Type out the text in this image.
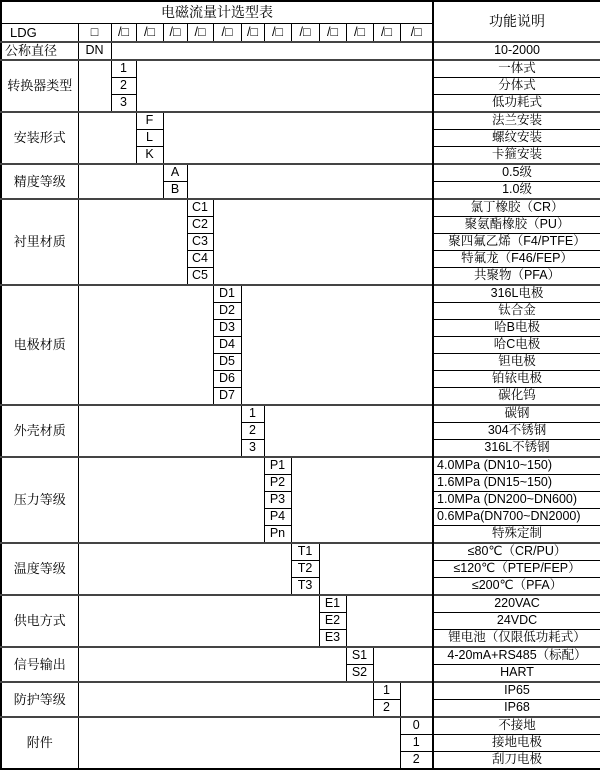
电磁流量计选型表														功能说明
LDG	□	/□	/□	/□	/□	/□	/□	/□	/□	/□	/□	/□	/□	
公称直径	DN													10-2000
转换器类型		1												一体式
		2												分体式
		3												低功耗式
安装形式			F											法兰安装
			L											螺纹安装
			K											卡箍安装
精度等级				A										0.5级
				B										1.0级
衬里材质					C1									氯丁橡胶（CR）
					C2									聚氨酯橡胶（PU）
					C3									聚四氟乙烯（F4/PTFE）
					C4									特氟龙（F46/FEP）
					C5									共聚物（PFA）
电极材质						D1								316L电极
						D2								钛合金
						D3								哈B电极
						D4								哈C电极
						D5								钽电极
						D6								铂铱电极
						D7								碳化钨
外壳材质							1							碳钢
							2							304不锈钢
							3							316L不锈钢
压力等级								P1						4.0MPa (DN10~150)
								P2						1.6MPa (DN15~150)
								P3						1.0MPa (DN200~DN600)
								P4						0.6MPa(DN700~DN2000)
								Pn						特殊定制
温度等级									T1					≤80℃（CR/PU）
									T2					≤120℃（PTEP/FEP）
									T3					≤200℃（PFA）
供电方式										E1				220VAC
										E2				24VDC
										E3				锂电池（仅限低功耗式）
信号输出											S1			4-20mA+RS485（标配）
											S2			HART
防护等级												1		IP65
												2		IP68
附件													0	不接地
													1	接地电极
													2	刮刀电极
